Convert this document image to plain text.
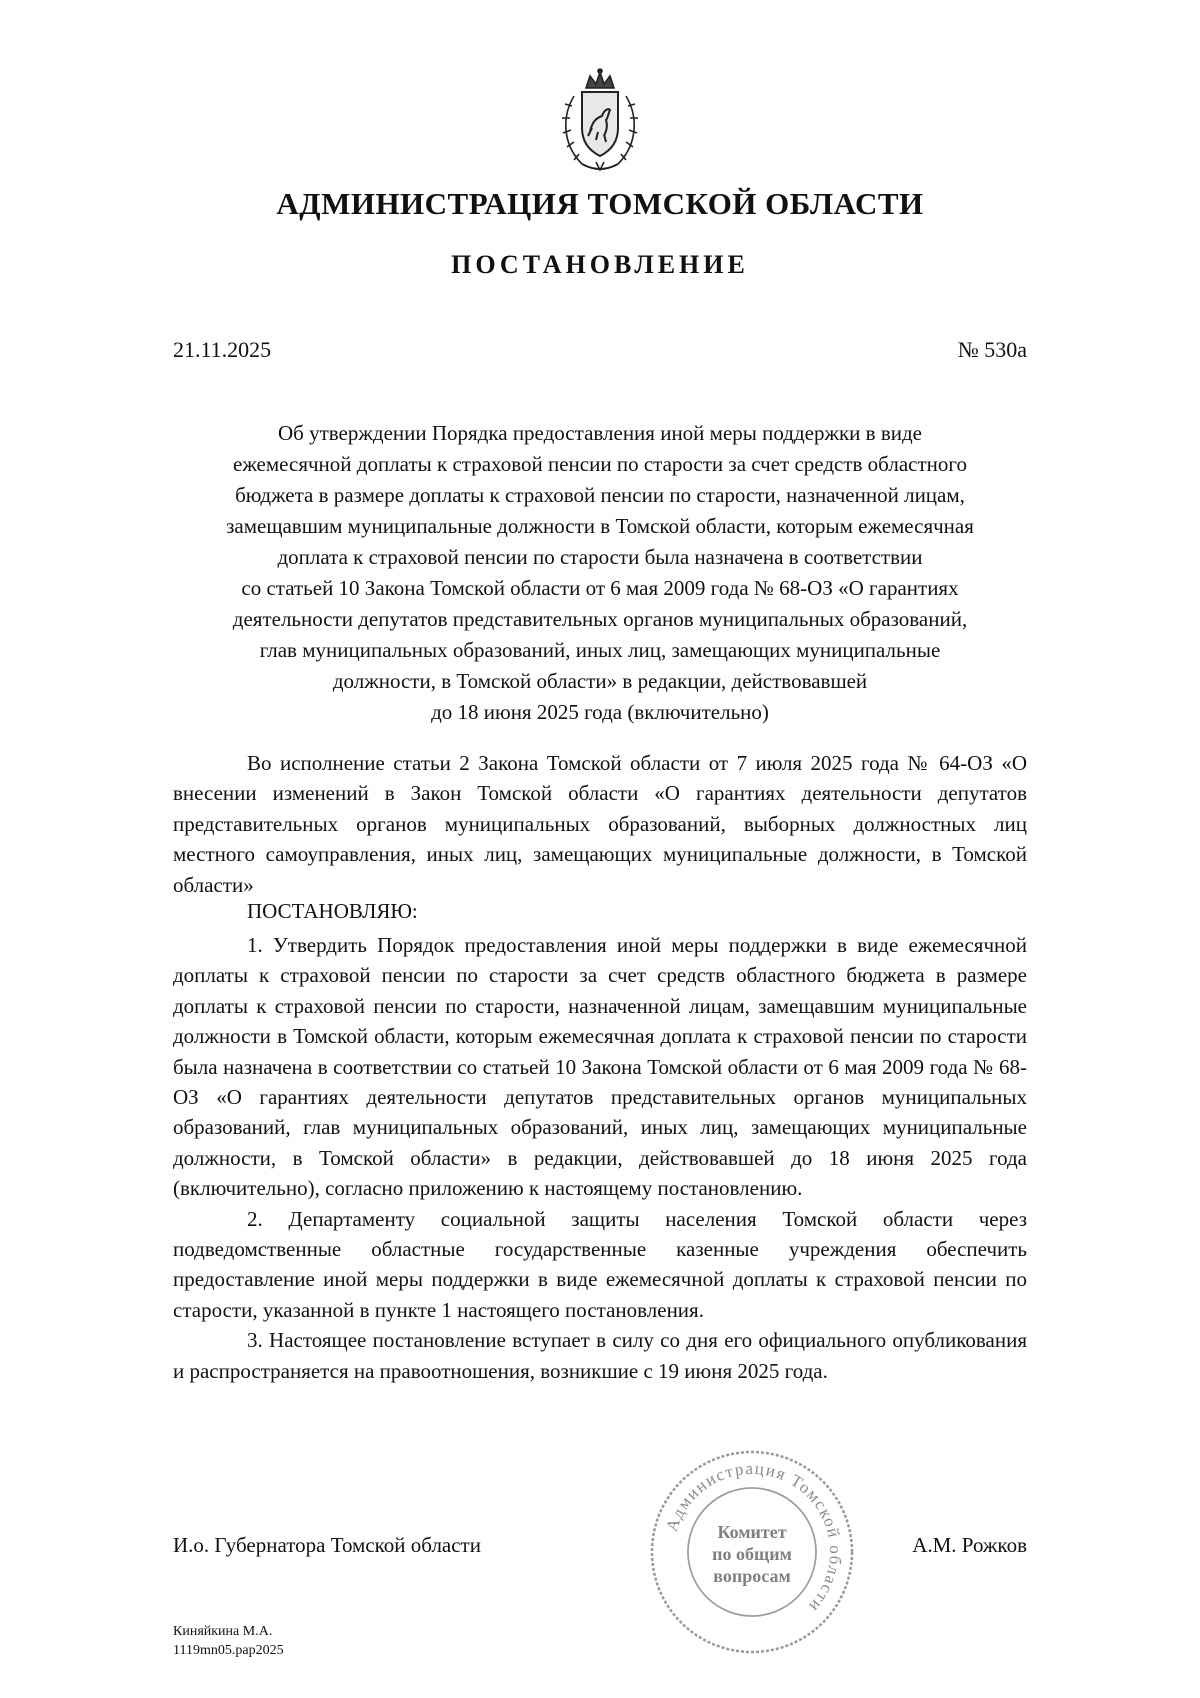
АДМИНИСТРАЦИЯ ТОМСКОЙ ОБЛАСТИ
ПОСТАНОВЛЕНИЕ
21.11.2025	№ 530а
Об утверждении Порядка предоставления иной меры поддержки в виде
ежемесячной доплаты к страховой пенсии по старости за счет средств областного
бюджета в размере доплаты к страховой пенсии по старости, назначенной лицам,
замещавшим муниципальные должности в Томской области, которым ежемесячная
доплата к страховой пенсии по старости была назначена в соответствии
со статьей 10 Закона Томской области от 6 мая 2009 года № 68-ОЗ «О гарантиях
деятельности депутатов представительных органов муниципальных образований,
глав муниципальных образований, иных лиц, замещающих муниципальные
должности, в Томской области» в редакции, действовавшей
до 18 июня 2025 года (включительно)

Во исполнение статьи 2 Закона Томской области от 7 июля 2025 года № 64-ОЗ «О внесении изменений в Закон Томской области «О гарантиях деятельности депутатов представительных органов муниципальных образований, выборных должностных лиц местного самоуправления, иных лиц, замещающих муниципальные должности, в Томской области»

ПОСТАНОВЛЯЮ:

1. Утвердить Порядок предоставления иной меры поддержки в виде ежемесячной доплаты к страховой пенсии по старости за счет средств областного бюджета в размере доплаты к страховой пенсии по старости, назначенной лицам, замещавшим муниципальные должности в Томской области, которым ежемесячная доплата к страховой пенсии по старости была назначена в соответствии со статьей 10 Закона Томской области от 6 мая 2009 года № 68-ОЗ «О гарантиях деятельности депутатов представительных органов муниципальных образований, глав муниципальных образований, иных лиц, замещающих муниципальные должности, в Томской области» в редакции, действовавшей до 18 июня 2025 года (включительно), согласно приложению к настоящему постановлению.

2. Департаменту социальной защиты населения Томской области через подведомственные областные государственные казенные учреждения обеспечить предоставление иной меры поддержки в виде ежемесячной доплаты к страховой пенсии по старости, указанной в пункте 1 настоящего постановления.

3. Настоящее постановление вступает в силу со дня его официального опубликования и распространяется на правоотношения, возникшие с 19 июня 2025 года.

И.о. Губернатора Томской области	А.М. Рожков
Администрация Томской области
Комитет
по общим
вопросам
Киняйкина М.А.
1119mn05.pap2025
